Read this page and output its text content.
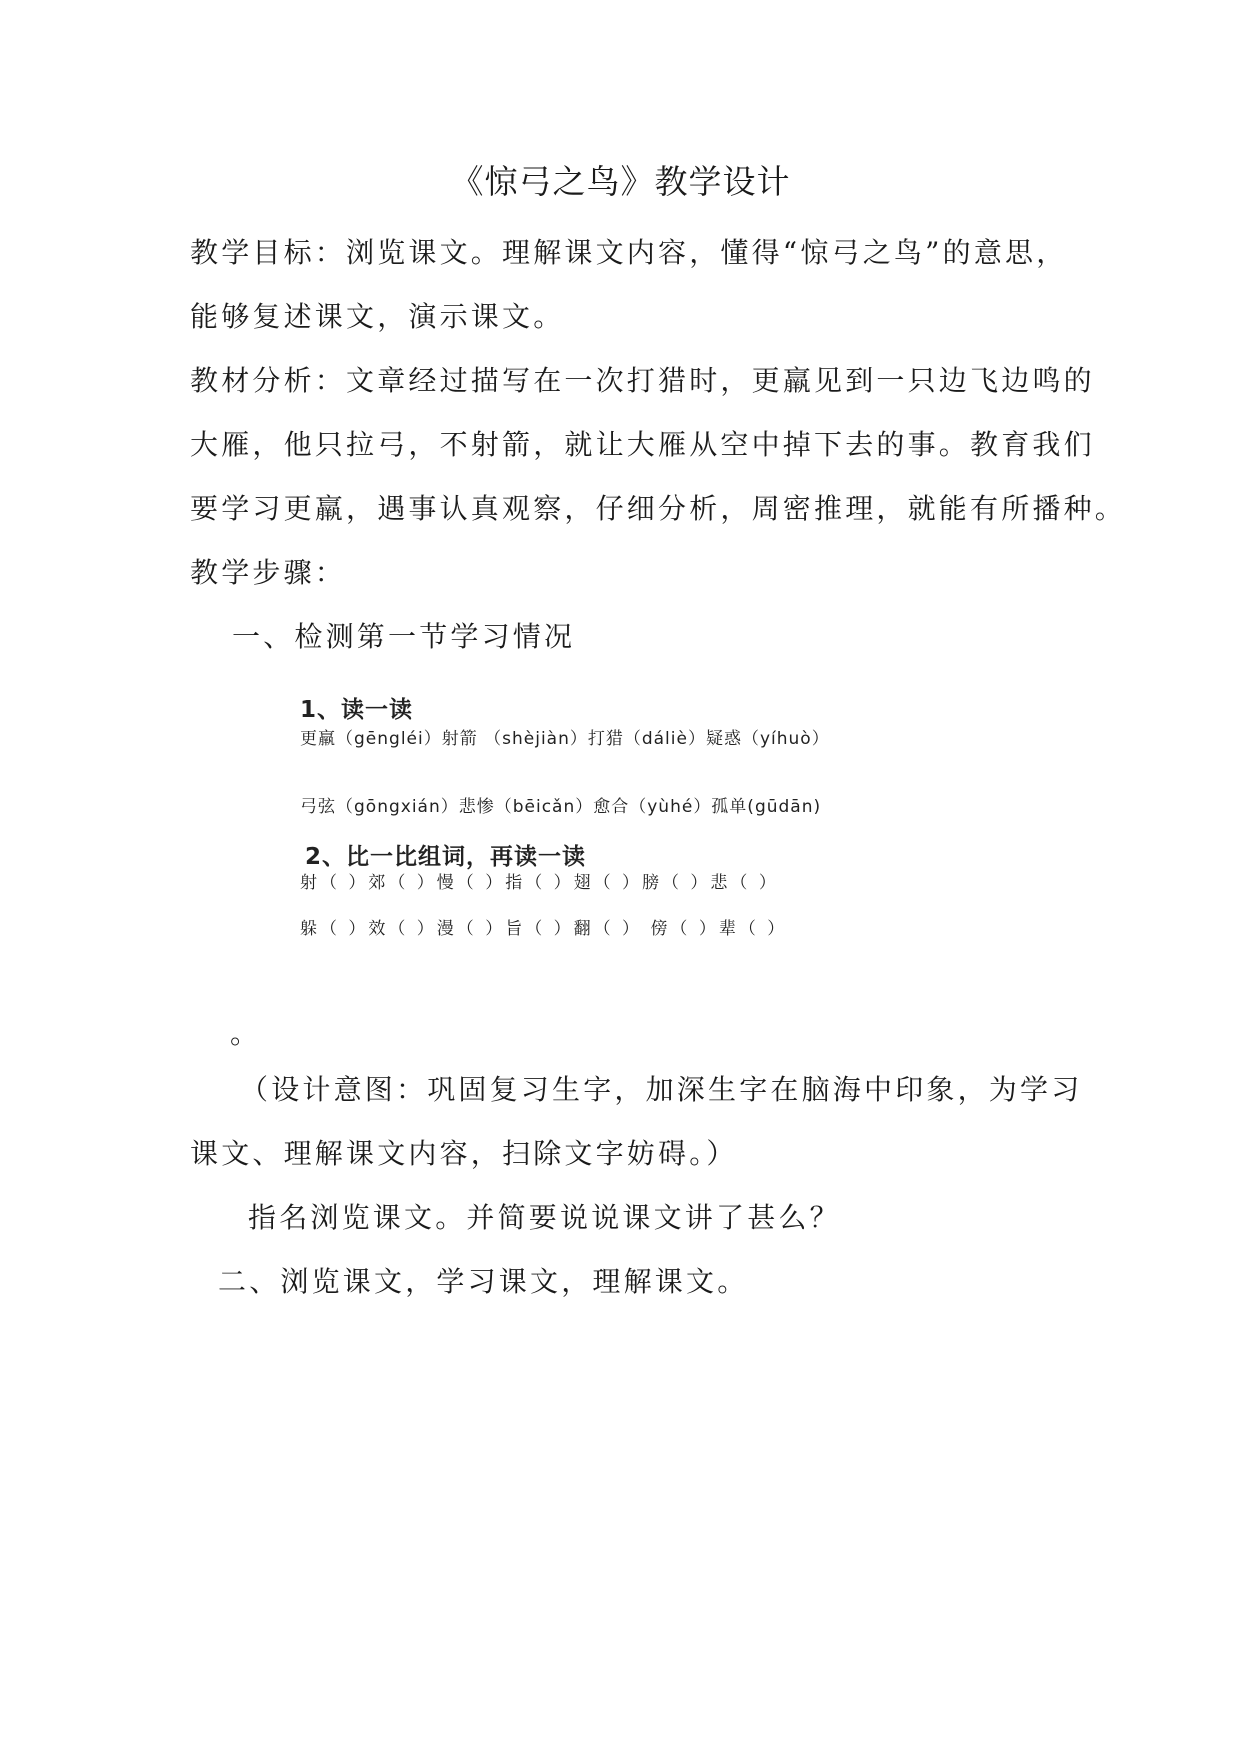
《惊弓之鸟》教学设计
教学目标：浏览课文。理解课文内容，懂得“惊弓之鸟”的意思，
能够复述课文，演示课文。
教材分析：文章经过描写在一次打猎时，更羸见到一只边飞边鸣的
大雁，他只拉弓，不射箭，就让大雁从空中掉下去的事。教育我们
要学习更羸，遇事认真观察，仔细分析，周密推理，就能有所播种。
教学步骤：
一、检测第一节学习情况
1、读一读
更羸（gēngléi）射箭 （shèjiàn）打猎（dáliè）疑惑（yíhuò）
弓弦（gōngxián）悲惨（bēicǎn）愈合（yùhé）孤单(gūdān)
2、比一比组词，再读一读
射（ ）郊（ ）慢（ ）指（ ）翅（ ）膀（ ）悲（ ）
躲（ ）效（ ）漫（ ）旨（ ）翻（ ） 傍（ ）辈（ ）
。
（设计意图：巩固复习生字，加深生字在脑海中印象，为学习
课文、理解课文内容，扫除文字妨碍。）
指名浏览课文。并简要说说课文讲了甚么？
二、浏览课文，学习课文，理解课文。
